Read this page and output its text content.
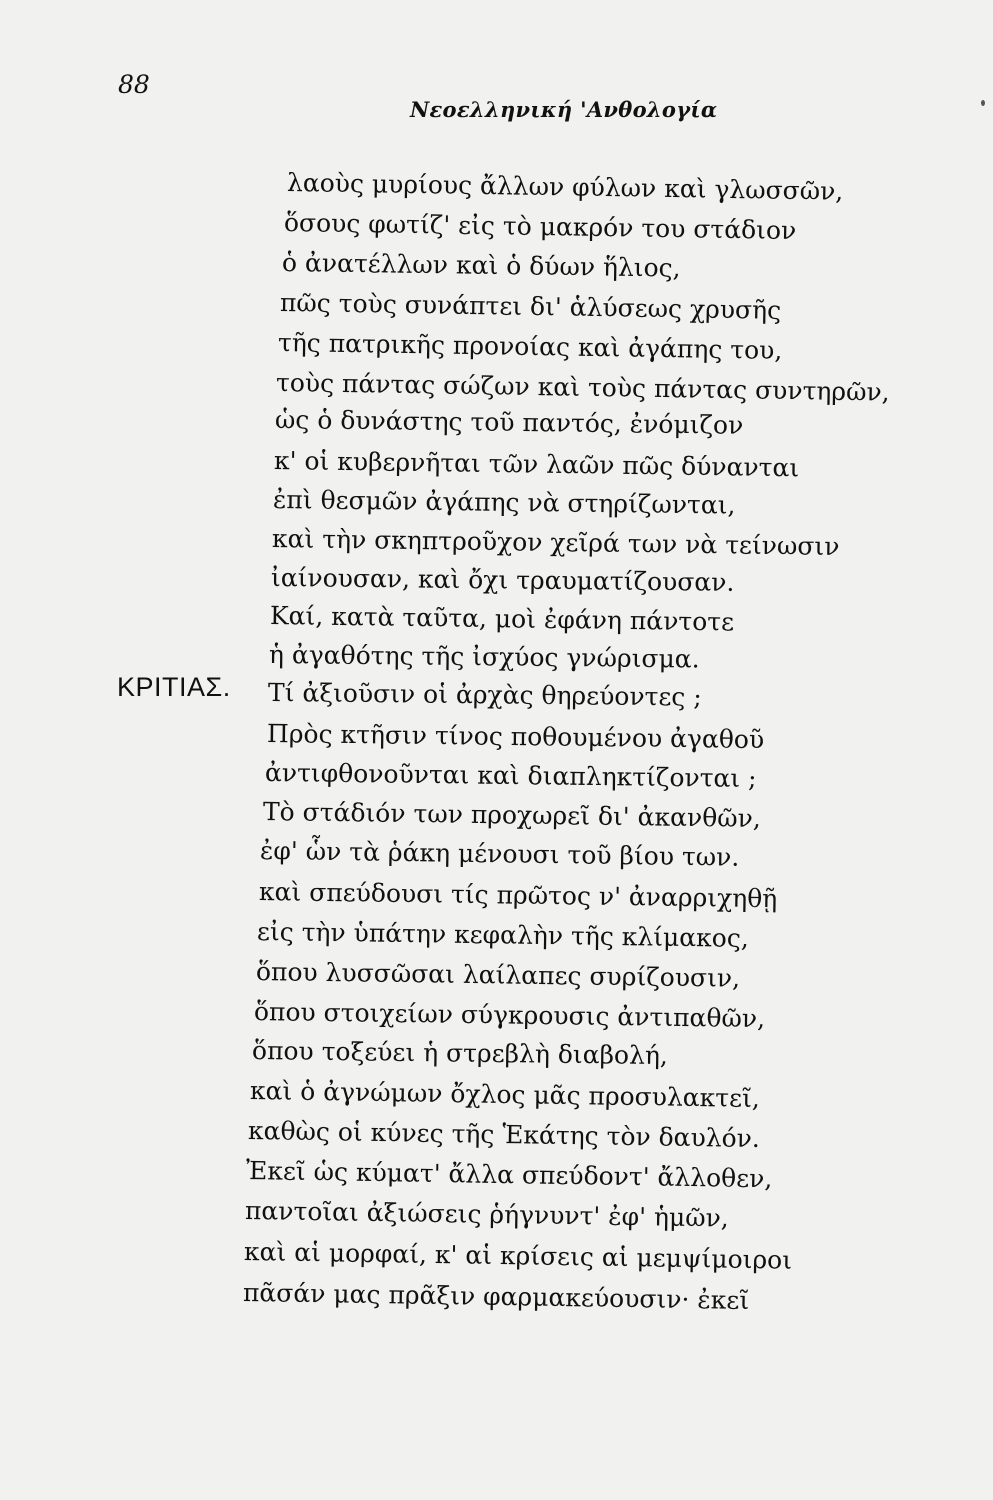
88
Νεοελληνική 'Ανθολογία
ΚΡΙΤΙΑΣ.
λαοὺς μυρίους ἄλλων φύλων καὶ γλωσσῶν,
ὅσους φωτίζ' εἰς τὸ μακρόν του στάδιον
ὁ ἀνατέλλων καὶ ὁ δύων ἥλιος,
πῶς τοὺς συνάπτει δι' ἁλύσεως χρυσῆς
τῆς πατρικῆς προνοίας καὶ ἀγάπης του,
τοὺς πάντας σώζων καὶ τοὺς πάντας συντηρῶν,
ὡς ὁ δυνάστης τοῦ παντός, ἐνόμιζον
κ' οἱ κυβερνῆται τῶν λαῶν πῶς δύνανται
ἐπὶ θεσμῶν ἀγάπης νὰ στηρίζωνται,
καὶ τὴν σκηπτροῦχον χεῖρά των νὰ τείνωσιν
ἰαίνουσαν, καὶ ὄχι τραυματίζουσαν.
Καί, κατὰ ταῦτα, μοὶ ἐφάνη πάντοτε
ἡ ἀγαθότης τῆς ἰσχύος γνώρισμα.
Τί ἀξιοῦσιν οἱ ἀρχὰς θηρεύοντες ;
Πρὸς κτῆσιν τίνος ποθουμένου ἀγαθοῦ
ἀντιφθονοῦνται καὶ διαπληκτίζονται ;
Τὸ στάδιόν των προχωρεῖ δι' ἀκανθῶν,
ἐφ' ὧν τὰ ῥάκη μένουσι τοῦ βίου των.
καὶ σπεύδουσι τίς πρῶτος ν' ἀναρριχηθῇ
εἰς τὴν ὑπάτην κεφαλὴν τῆς κλίμακος,
ὅπου λυσσῶσαι λαίλαπες συρίζουσιν,
ὅπου στοιχείων σύγκρουσις ἀντιπαθῶν,
ὅπου τοξεύει ἡ στρεβλὴ διαβολή,
καὶ ὁ ἀγνώμων ὄχλος μᾶς προσυλακτεῖ,
καθὼς οἱ κύνες τῆς Ἑκάτης τὸν δαυλόν.
Ἐκεῖ ὡς κύματ' ἄλλα σπεύδοντ' ἄλλοθεν,
παντοῖαι ἀξιώσεις ῥήγνυντ' ἐφ' ἡμῶν,
καὶ αἱ μορφαί, κ' αἱ κρίσεις αἱ μεμψίμοιροι
πᾶσάν μας πρᾶξιν φαρμακεύουσιν· ἐκεῖ
